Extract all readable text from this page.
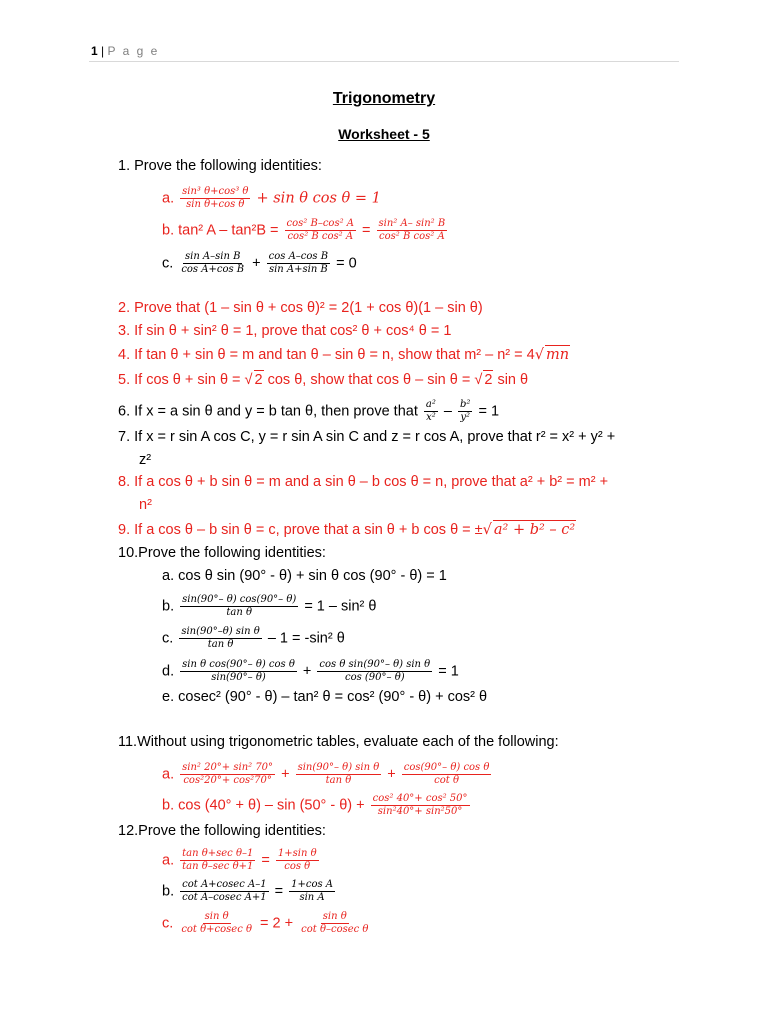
1 | P a g e
Trigonometry
Worksheet - 5
1. Prove the following identities:
a. $\frac{\text{sin³ θ+cos³ θ}}{\text{sin θ+cos θ}} + \sin \theta$ cos θ = 1
b. tan² $A - \tan^2B = \frac{\text{cos² B–cos² A}}{\text{cos² B cos² A}} = \frac{\text{sin² A– sin² B}}{\text{cos² B cos² A}}$
c. $\frac{\text{sin A–sin B}}{\text{cos A+cos B}} + \frac{\text{cos A–cos B}}{\text{sin A+sin B}} = 0$
2. Prove that (1 – sin θ + cos θ)² = 2(1 + cos θ)(1 – sin θ)
3. If sin θ + sin² θ = 1, prove that cos² θ + cos⁴ θ = 1
4. If tan θ + sin θ = m and tan θ – sin θ = n, show that m² – n² = 4√ mn
5. If cos θ + sin θ = √ 2 cos θ, show that cos θ – sin θ = √ 2 sin θ
6. If x = a sin θ and y = b tan θ, then prove that $\frac{\text{a²}}{\text{x²}} - \frac{\text{b²}}{\text{y²}} = 1$
7. If x = r sin A cos C, y = r sin A sin C and z = r cos A, prove that r² = x² + y² +
z²
8. If a cos θ + b sin θ = m and a sin θ – b cos θ = n, prove that a² + b² = m² +
n²
9. If a cos θ – b sin θ = c, prove that a sin θ + b cos θ = ±√ a² + b² – c²
10.Prove the following identities:
a. cos θ sin (90° - θ) + sin θ cos (90° - θ) = 1
b. $\frac{\sin(90^\circ- \theta) \cos(90^\circ- \theta)}{\text{tan θ}} = 1 - \sin^2$ θ
c. $\frac{\text{sin(90°–θ) sin θ}}{\text{tan θ}} - 1 = -\sin^2$ θ
d. $\frac{\text{sin θ cos(90°– θ) cos θ}}{\sin(90^\circ- \theta)} + \frac{\text{cos θ sin(90°– θ) sin θ}}{\cos (90^\circ- \theta)} = 1$
e. cosec² (90° - θ) – tan² θ = cos² (90° - θ) + cos² θ
11.Without using trigonometric tables, evaluate each of the following:
a. $\frac{\text{sin² 20°+ sin² 70°}}{\text{cos²20°+ cos²70°}} + \frac{\text{sin(90°– θ) sin θ}}{\text{tan θ}} + \frac{\text{cos(90°– θ) cos θ}}{\text{cot θ}}$
b. $\cos (40^\circ + \theta) - \sin (50^\circ - \theta) + \frac{\text{cos² 40°+ cos² 50°}}{\text{sin²40°+ sin²50°}}$
12.Prove the following identities:
a. $\frac{\text{tan θ+sec θ–1}}{\text{tan θ–sec θ+1}} = \frac{\text{1+sin θ}}{\text{cos θ}}$
b. $\frac{\text{cot A+cosec A–1}}{\text{cot A–cosec A+1}} = \frac{\text{1+cos A}}{\text{sin A}}$
c. $\frac{\text{sin θ}}{\text{cot θ+cosec θ}} = 2 + \frac{\text{sin θ}}{\text{cot θ–cosec θ}}$
